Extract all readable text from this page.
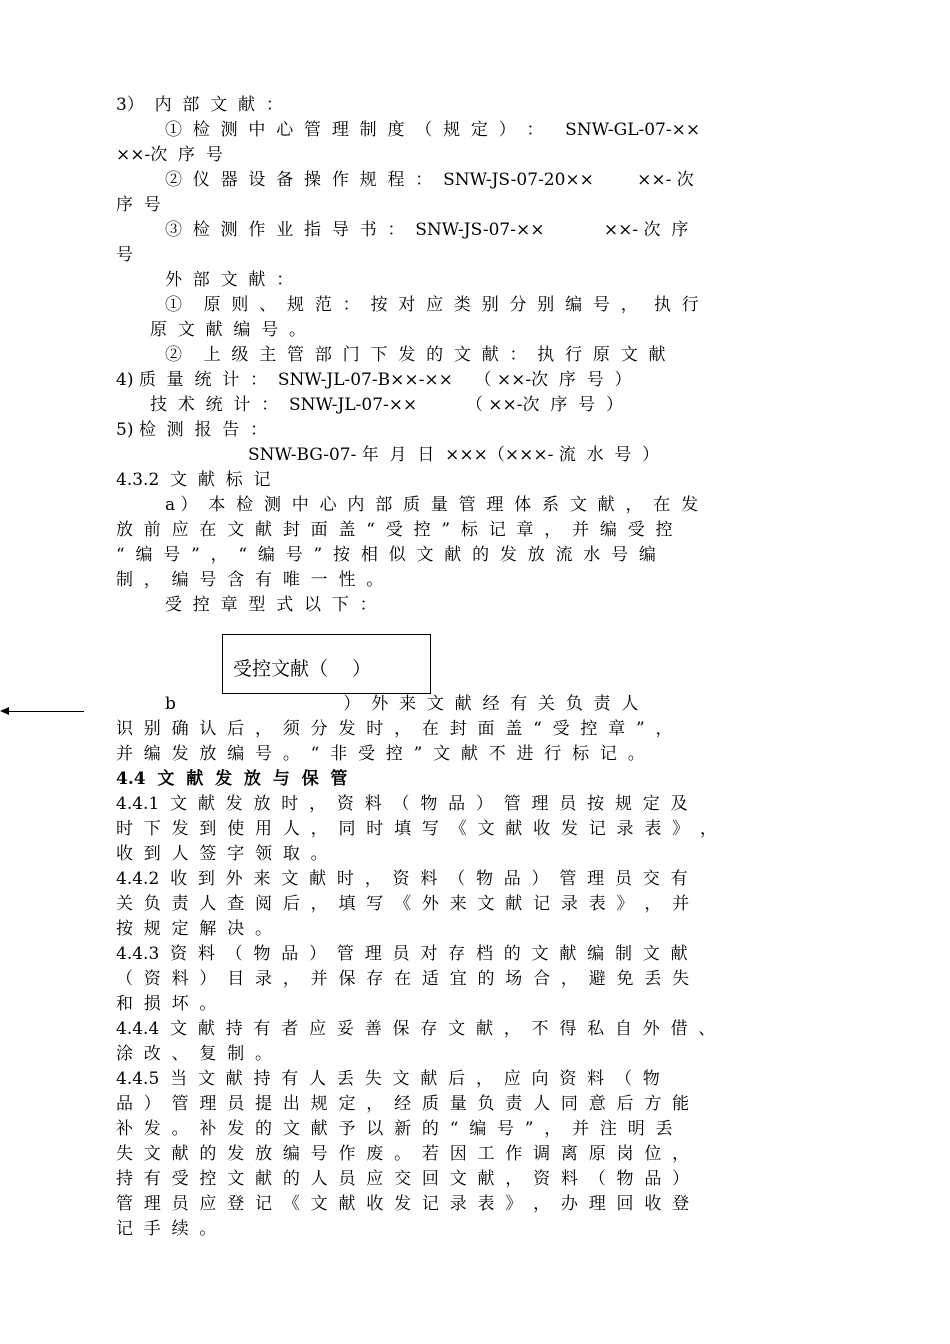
3）  内  部  文  献  ：
①  检  测  中  心  管  理  制  度  （  规  定  ）  ：    SNW-GL-07-××
××-次  序  号
②  仪  器  设  备  操  作  规  程  ：  SNW-JS-07-20××        ××- 次
序  号
③  检  测  作  业  指  导  书  ：  SNW-JS-07-××           ××- 次  序
号
外  部  文  献  ：
①    原  则  、  规  范  ：  按  对  应  类  别  分  别  编  号  ，   执  行
原  文  献  编  号  。
②    上  级  主  管  部  门  下  发  的  文  献  ：  执  行  原  文  献
4) 质  量  统  计  ：  SNW-JL-07-B××-××    （ ××-次  序  号  ）
技  术  统  计  ：  SNW-JL-07-××         （ ××-次  序  号  ）
5) 检  测  报  告  ：
SNW-BG-07- 年  月  日  ×××（×××- 流  水  号  ）
4.3.2  文  献  标  记
a ）  本  检  测  中  心  内  部  质  量  管  理  体  系  文  献  ，  在  发
放  前  应  在  文  献  封  面  盖  “  受  控  ”  标  记  章  ，  并  编  受  控
“  编  号  ”  ，  “  编  号  ”  按  相  似  文  献  的  发  放  流  水  号  编
制  ，  编  号  含  有  唯  一  性  。
受  控  章  型  式  以  下  ：
受控文献（    ）
b                               ）  外  来  文  献  经  有  关  负  责  人
识  别  确  认  后  ，  须  分  发  时  ，  在  封  面  盖  “  受  控  章  ”  ，
并  编  发  放  编  号  。  “  非  受  控  ”  文  献  不  进  行  标  记  。
4.4  文  献  发  放  与  保  管
4.4.1  文  献  发  放  时  ，  资  料  （  物  品  ）  管  理  员  按  规  定  及
时  下  发  到  使  用  人  ，  同  时  填  写  《  文  献  收  发  记  录  表  》  ，
收  到  人  签  字  领  取  。
4.4.2  收  到  外  来  文  献  时  ，  资  料  （  物  品  ）  管  理  员  交  有
关  负  责  人  查  阅  后  ，  填  写  《  外  来  文  献  记  录  表  》  ，  并
按  规  定  解  决  。
4.4.3  资  料  （  物  品  ）  管  理  员  对  存  档  的  文  献  编  制  文  献
（  资  料  ）  目  录  ，  并  保  存  在  适  宜  的  场  合  ，  避  免  丢  失
和  损  坏  。
4.4.4  文  献  持  有  者  应  妥  善  保  存  文  献  ，  不  得  私  自  外  借  、
涂  改  、  复  制  。
4.4.5  当  文  献  持  有  人  丢  失  文  献  后  ，  应  向  资  料  （  物
品  ）  管  理  员  提  出  规  定  ，  经  质  量  负  责  人  同  意  后  方  能
补  发  。  补  发  的  文  献  予  以  新  的  “  编  号  ”  ，  并  注  明  丢
失  文  献  的  发  放  编  号  作  废  。  若  因  工  作  调  离  原  岗  位  ，
持  有  受  控  文  献  的  人  员  应  交  回  文  献  ，  资  料  （  物  品  ）
管  理  员  应  登  记  《  文  献  收  发  记  录  表  》  ，  办  理  回  收  登
记  手  续  。
